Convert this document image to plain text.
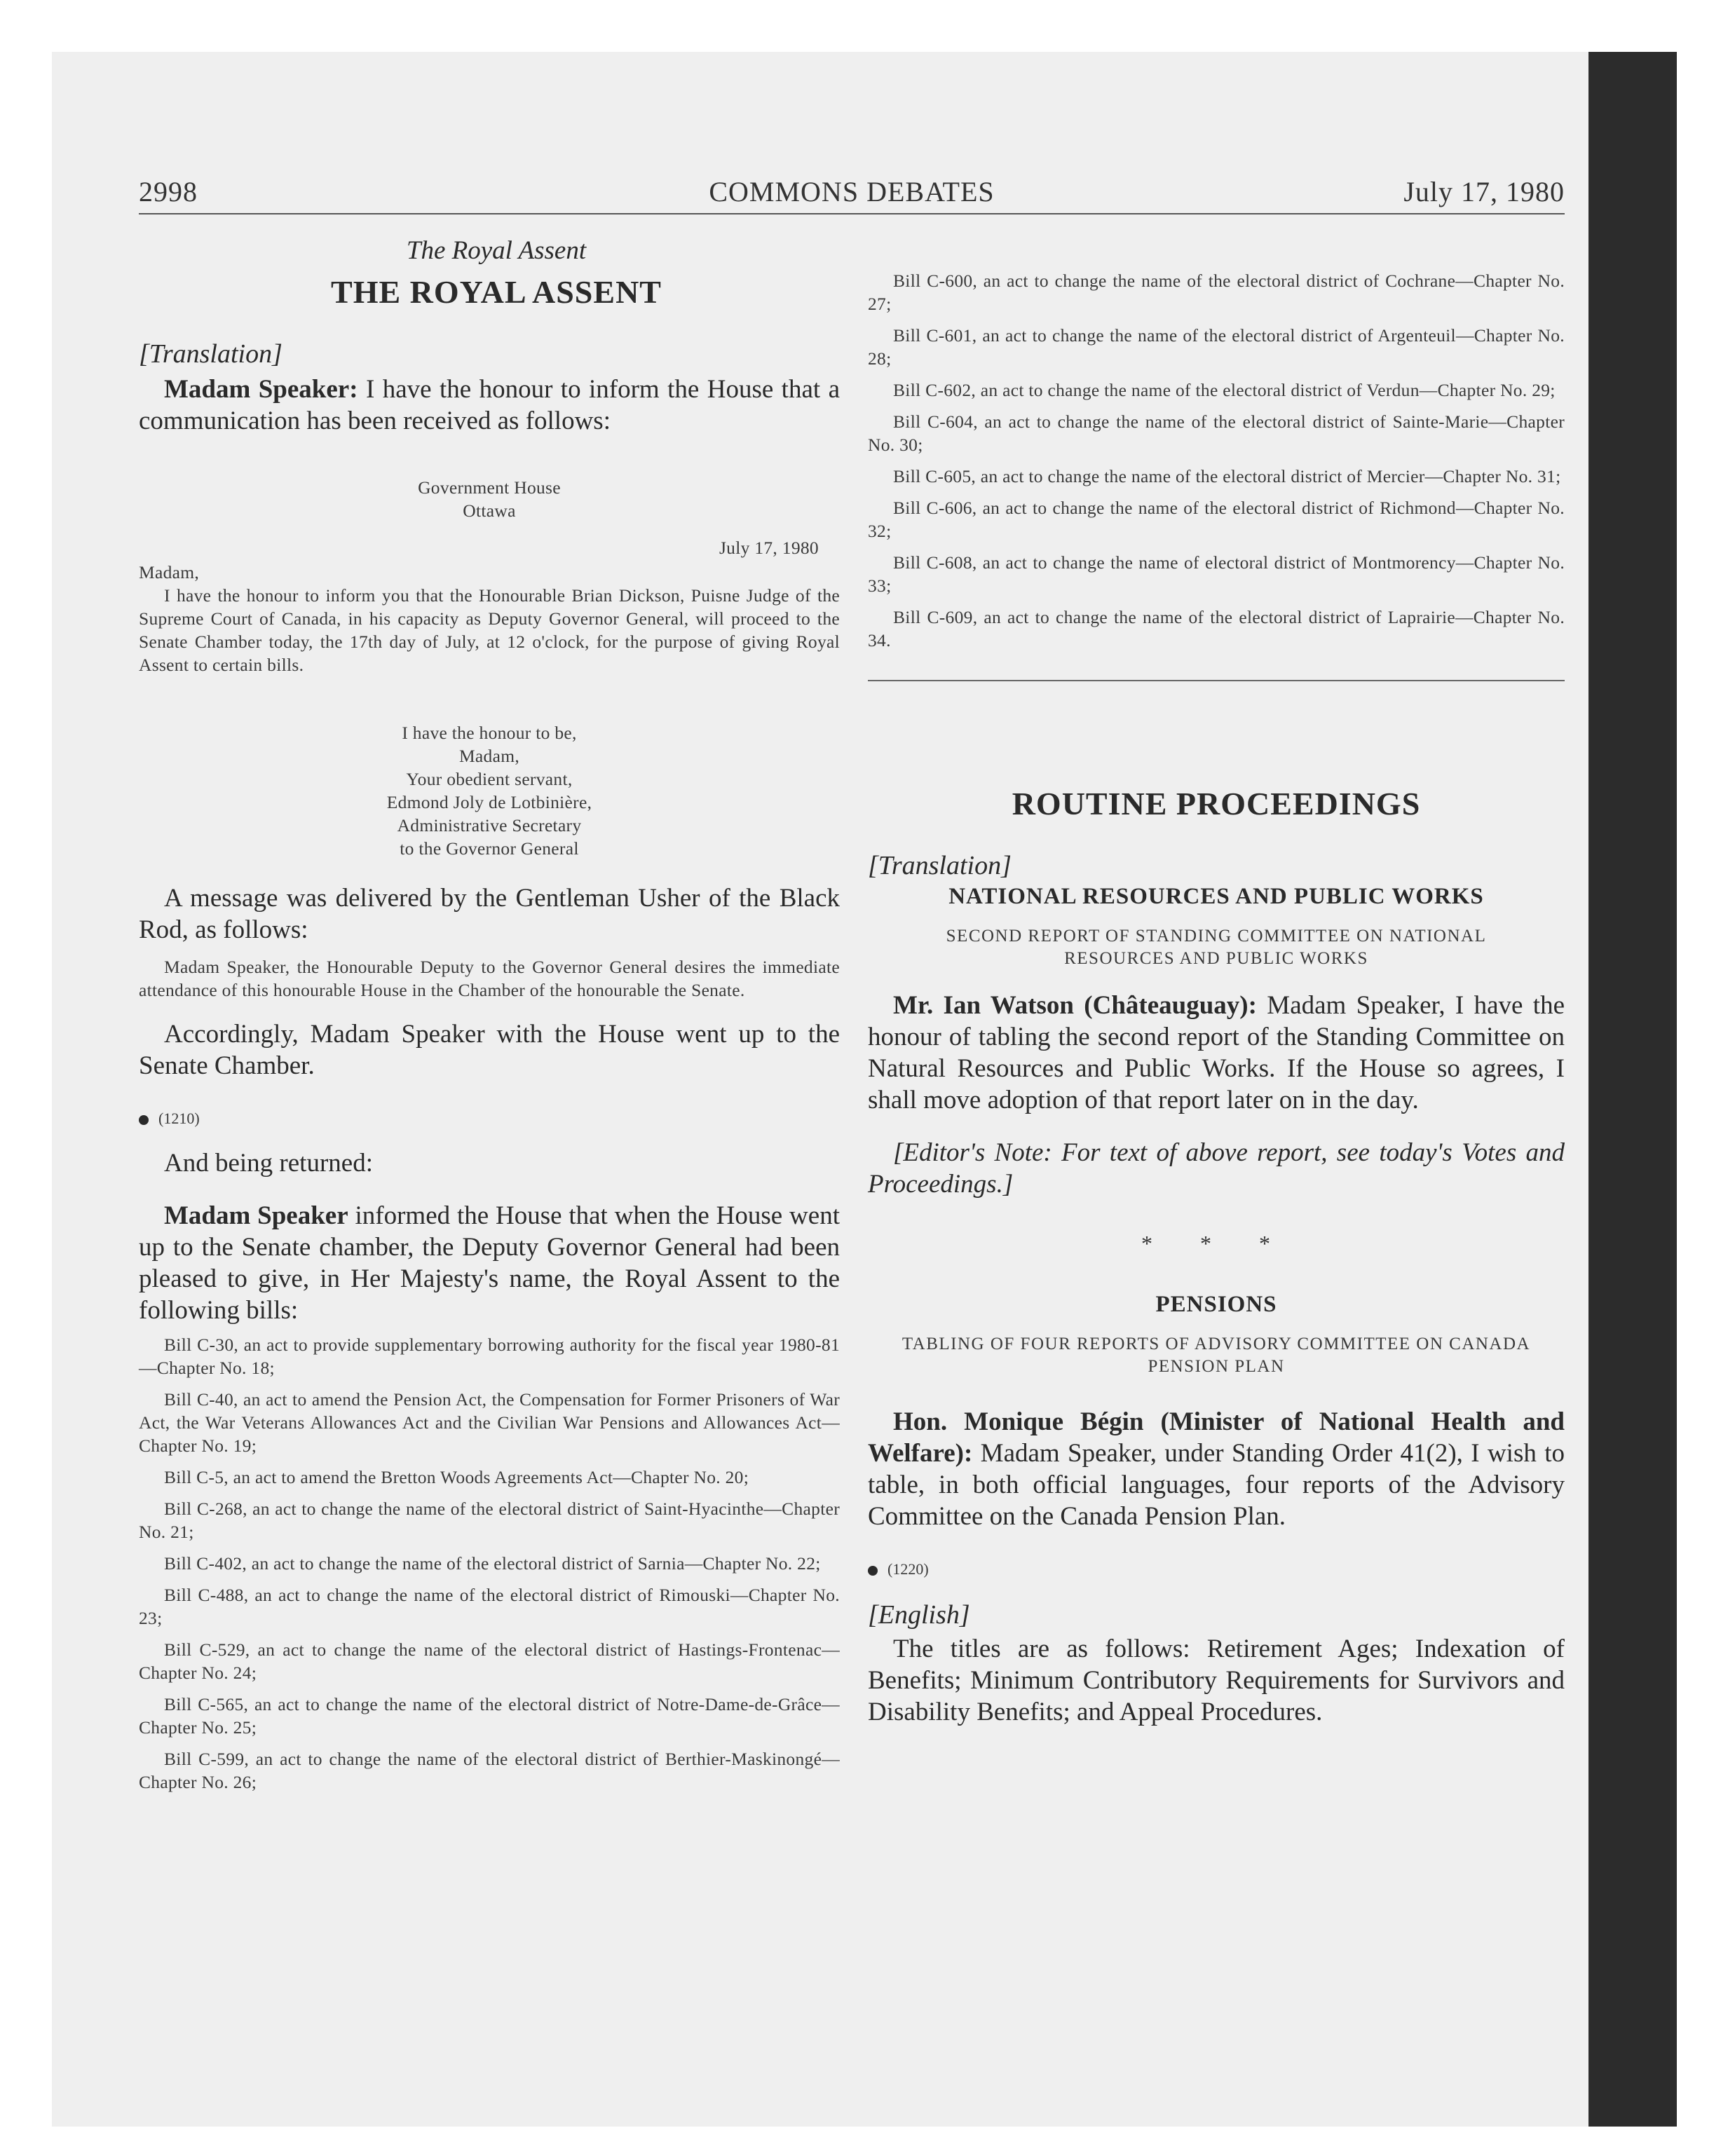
2998	COMMONS DEBATES	July 17, 1980

The Royal Assent

THE ROYAL ASSENT

[Translation]

Madam Speaker: I have the honour to inform the House that a communication has been received as follows:

Government House

Ottawa

July 17, 1980

Madam,

I have the honour to inform you that the Honourable Brian Dickson, Puisne Judge of the Supreme Court of Canada, in his capacity as Deputy Governor General, will proceed to the Senate Chamber today, the 17th day of July, at 12 o'clock, for the purpose of giving Royal Assent to certain bills.

I have the honour to be,

Madam,

Your obedient servant,

Edmond Joly de Lotbinière,

Administrative Secretary

to the Governor General

A message was delivered by the Gentleman Usher of the Black Rod, as follows:

Madam Speaker, the Honourable Deputy to the Governor General desires the immediate attendance of this honourable House in the Chamber of the honourable the Senate.

Accordingly, Madam Speaker with the House went up to the Senate Chamber.

(1210)

And being returned:

Madam Speaker informed the House that when the House went up to the Senate chamber, the Deputy Governor General had been pleased to give, in Her Majesty's name, the Royal Assent to the following bills:

Bill C-30, an act to provide supplementary borrowing authority for the fiscal year 1980-81—Chapter No. 18;

Bill C-40, an act to amend the Pension Act, the Compensation for Former Prisoners of War Act, the War Veterans Allowances Act and the Civilian War Pensions and Allowances Act—Chapter No. 19;

Bill C-5, an act to amend the Bretton Woods Agreements Act—Chapter No. 20;

Bill C-268, an act to change the name of the electoral district of Saint-Hyacinthe—Chapter No. 21;

Bill C-402, an act to change the name of the electoral district of Sarnia—Chapter No. 22;

Bill C-488, an act to change the name of the electoral district of Rimouski—Chapter No. 23;

Bill C-529, an act to change the name of the electoral district of Hastings-Frontenac—Chapter No. 24;

Bill C-565, an act to change the name of the electoral district of Notre-Dame-de-Grâce—Chapter No. 25;

Bill C-599, an act to change the name of the electoral district of Berthier-Maskinongé—Chapter No. 26;

Bill C-600, an act to change the name of the electoral district of Cochrane—Chapter No. 27;

Bill C-601, an act to change the name of the electoral district of Argenteuil—Chapter No. 28;

Bill C-602, an act to change the name of the electoral district of Verdun—Chapter No. 29;

Bill C-604, an act to change the name of the electoral district of Sainte-Marie—Chapter No. 30;

Bill C-605, an act to change the name of the electoral district of Mercier—Chapter No. 31;

Bill C-606, an act to change the name of the electoral district of Richmond—Chapter No. 32;

Bill C-608, an act to change the name of electoral district of Montmorency—Chapter No. 33;

Bill C-609, an act to change the name of the electoral district of Laprairie—Chapter No. 34.

ROUTINE PROCEEDINGS

[Translation]

NATIONAL RESOURCES AND PUBLIC WORKS

SECOND REPORT OF STANDING COMMITTEE ON NATIONAL RESOURCES AND PUBLIC WORKS

Mr. Ian Watson (Châteauguay): Madam Speaker, I have the honour of tabling the second report of the Standing Committee on Natural Resources and Public Works. If the House so agrees, I shall move adoption of that report later on in the day.

[Editor's Note: For text of above report, see today's Votes and Proceedings.]

* * *

PENSIONS

TABLING OF FOUR REPORTS OF ADVISORY COMMITTEE ON CANADA PENSION PLAN

Hon. Monique Bégin (Minister of National Health and Welfare): Madam Speaker, under Standing Order 41(2), I wish to table, in both official languages, four reports of the Advisory Committee on the Canada Pension Plan.

(1220)

[English]

The titles are as follows: Retirement Ages; Indexation of Benefits; Minimum Contributory Requirements for Survivors and Disability Benefits; and Appeal Procedures.
